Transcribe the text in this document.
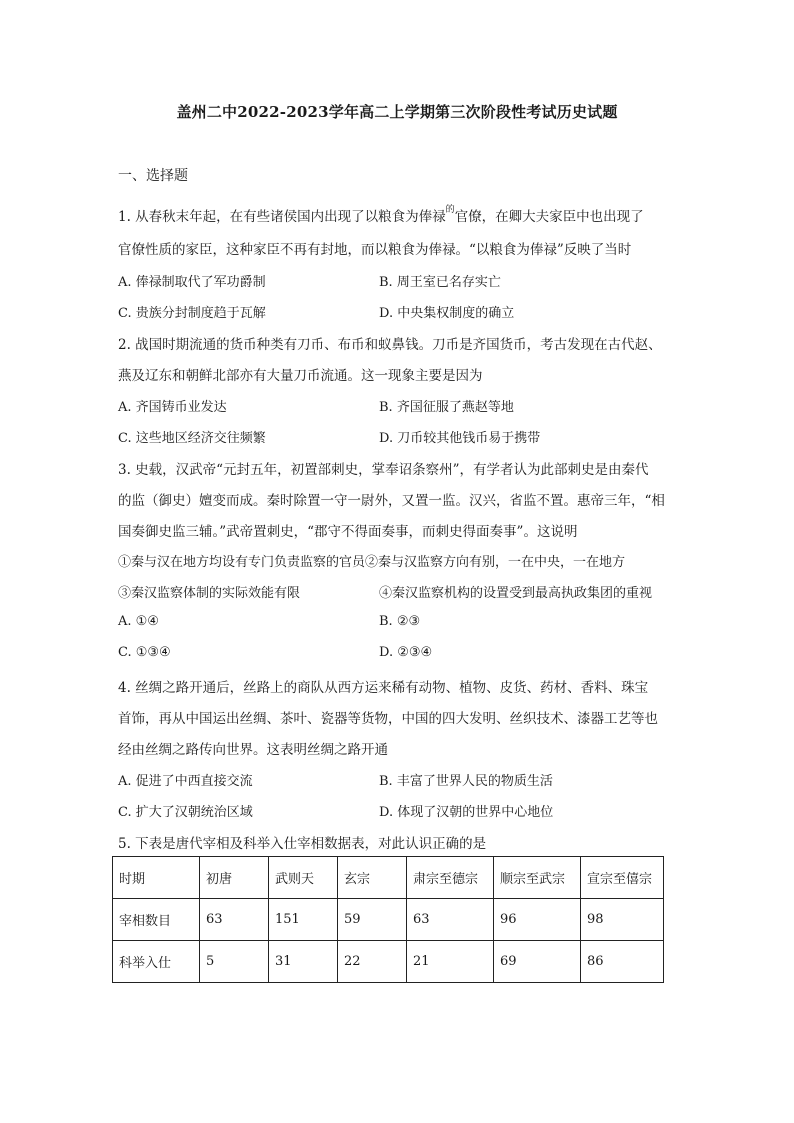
盖州二中2022-2023学年高二上学期第三次阶段性考试历史试题
一、选择题
1. 从春秋末年起，在有些诸侯国内出现了以粮食为俸禄$^的$官僚，在卿大夫家臣中也出现了
官僚性质的家臣，这种家臣不再有封地，而以粮食为俸禄。“以粮食为俸禄”反映了当时
A. 俸禄制取代了军功爵制	B. 周王室已名存实亡
C. 贵族分封制度趋于瓦解	D. 中央集权制度的确立
2. 战国时期流通的货币种类有刀币、布币和蚁鼻钱。刀币是齐国货币，考古发现在古代赵、
燕及辽东和朝鲜北部亦有大量刀币流通。这一现象主要是因为
A. 齐国铸币业发达	B. 齐国征服了燕赵等地
C. 这些地区经济交往频繁	D. 刀币较其他钱币易于携带
3. 史载，汉武帝“元封五年，初置部刺史，掌奉诏条察州”，有学者认为此部刺史是由秦代
的监（御史）嬗变而成。秦时除置一守一尉外，又置一监。汉兴，省监不置。惠帝三年，“相
国奏御史监三辅。”武帝置刺史，“郡守不得面奏事，而刺史得面奏事”。这说明
①秦与汉在地方均设有专门负责监察的官员②秦与汉监察方向有别，一在中央，一在地方
③秦汉监察体制的实际效能有限	④秦汉监察机构的设置受到最高执政集团的重视
A. ①④	B. ②③
C. ①③④	D. ②③④
4. 丝绸之路开通后，丝路上的商队从西方运来稀有动物、植物、皮货、药材、香料、珠宝
首饰，再从中国运出丝绸、茶叶、瓷器等货物，中国的四大发明、丝织技术、漆器工艺等也
经由丝绸之路传向世界。这表明丝绸之路开通
A. 促进了中西直接交流	B. 丰富了世界人民的物质生活
C. 扩大了汉朝统治区域	D. 体现了汉朝的世界中心地位
5. 下表是唐代宰相及科举入仕宰相数据表，对此认识正确的是
时期	初唐	武则天	玄宗	肃宗至德宗	顺宗至武宗	宣宗至僖宗
宰相数目	63	151	59	63	96	98
科举入仕	5	31	22	21	69	86
